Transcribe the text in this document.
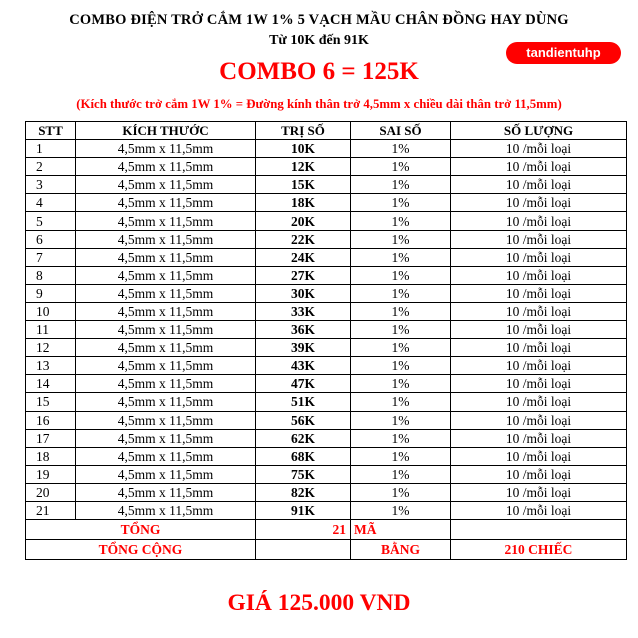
COMBO ĐIỆN TRỞ CẮM 1W 1% 5 VẠCH MẦU CHÂN ĐỒNG HAY DÙNG
Từ 10K đến 91K
tandientuhp
COMBO 6 = 125K
(Kích thước trở cắm 1W 1% = Đường kính thân trở 4,5mm x chiều dài thân trở 11,5mm)
STT	KÍCH THƯỚC	TRỊ SỐ	SAI SỐ	SỐ LƯỢNG
1	4,5mm x 11,5mm	10K	1%	10 /mỗi loại
2	4,5mm x 11,5mm	12K	1%	10 /mỗi loại
3	4,5mm x 11,5mm	15K	1%	10 /mỗi loại
4	4,5mm x 11,5mm	18K	1%	10 /mỗi loại
5	4,5mm x 11,5mm	20K	1%	10 /mỗi loại
6	4,5mm x 11,5mm	22K	1%	10 /mỗi loại
7	4,5mm x 11,5mm	24K	1%	10 /mỗi loại
8	4,5mm x 11,5mm	27K	1%	10 /mỗi loại
9	4,5mm x 11,5mm	30K	1%	10 /mỗi loại
10	4,5mm x 11,5mm	33K	1%	10 /mỗi loại
11	4,5mm x 11,5mm	36K	1%	10 /mỗi loại
12	4,5mm x 11,5mm	39K	1%	10 /mỗi loại
13	4,5mm x 11,5mm	43K	1%	10 /mỗi loại
14	4,5mm x 11,5mm	47K	1%	10 /mỗi loại
15	4,5mm x 11,5mm	51K	1%	10 /mỗi loại
16	4,5mm x 11,5mm	56K	1%	10 /mỗi loại
17	4,5mm x 11,5mm	62K	1%	10 /mỗi loại
18	4,5mm x 11,5mm	68K	1%	10 /mỗi loại
19	4,5mm x 11,5mm	75K	1%	10 /mỗi loại
20	4,5mm x 11,5mm	82K	1%	10 /mỗi loại
21	4,5mm x 11,5mm	91K	1%	10 /mỗi loại
TỔNG		21	MÃ	
TỔNG CỘNG			BẰNG	210 CHIẾC
GIÁ 125.000 VND
